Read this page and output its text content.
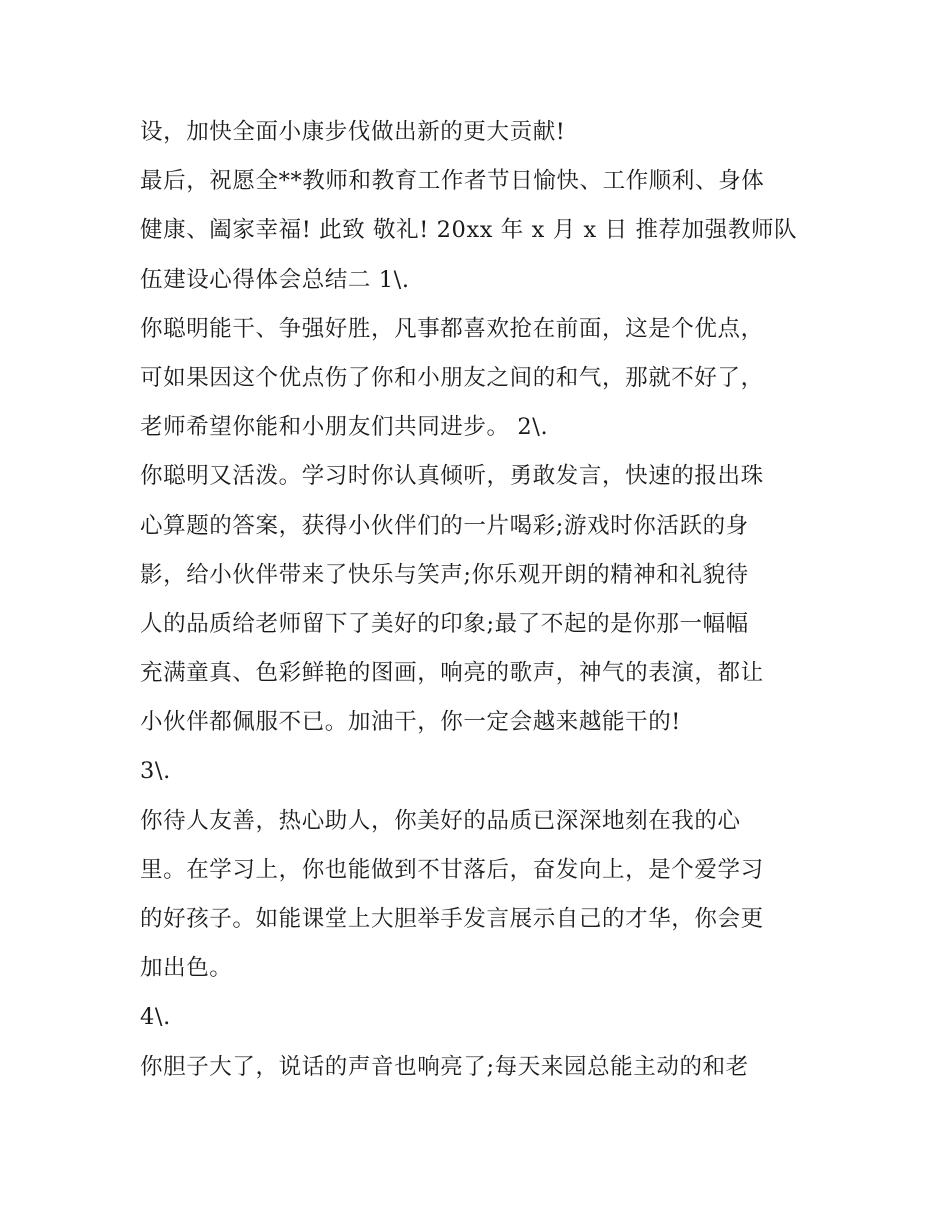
设，加快全面小康步伐做出新的更大贡献!
最后，祝愿全**教师和教育工作者节日愉快、工作顺利、身体
健康、阖家幸福! 此致 敬礼! 20xx 年 x 月 x 日 推荐加强教师队
伍建设心得体会总结二 1\.
你聪明能干、争强好胜，凡事都喜欢抢在前面，这是个优点，
可如果因这个优点伤了你和小朋友之间的和气，那就不好了，
老师希望你能和小朋友们共同进步。 2\.
你聪明又活泼。学习时你认真倾听，勇敢发言，快速的报出珠
心算题的答案，获得小伙伴们的一片喝彩;游戏时你活跃的身
影，给小伙伴带来了快乐与笑声;你乐观开朗的精神和礼貌待
人的品质给老师留下了美好的印象;最了不起的是你那一幅幅
充满童真、色彩鲜艳的图画，响亮的歌声，神气的表演，都让
小伙伴都佩服不已。加油干，你一定会越来越能干的!
3\.
你待人友善，热心助人，你美好的品质已深深地刻在我的心
里。在学习上，你也能做到不甘落后，奋发向上，是个爱学习
的好孩子。如能课堂上大胆举手发言展示自己的才华，你会更
加出色。
4\.
你胆子大了，说话的声音也响亮了;每天来园总能主动的和老
